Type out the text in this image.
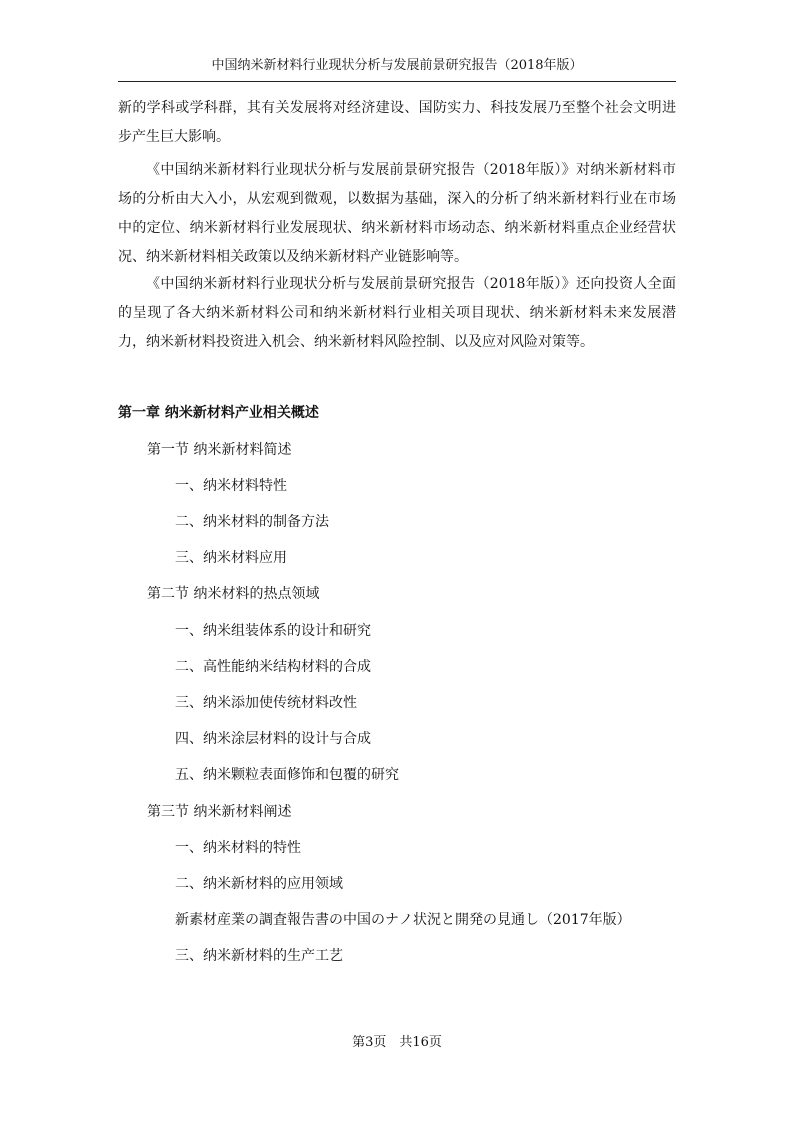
中国纳米新材料行业现状分析与发展前景研究报告（2018年版）

新的学科或学科群，其有关发展将对经济建设、国防实力、科技发展乃至整个社会文明进步产生巨大影响。

《中国纳米新材料行业现状分析与发展前景研究报告（2018年版）》对纳米新材料市场的分析由大入小，从宏观到微观，以数据为基础，深入的分析了纳米新材料行业在市场中的定位、纳米新材料行业发展现状、纳米新材料市场动态、纳米新材料重点企业经营状况、纳米新材料相关政策以及纳米新材料产业链影响等。

《中国纳米新材料行业现状分析与发展前景研究报告（2018年版）》还向投资人全面的呈现了各大纳米新材料公司和纳米新材料行业相关项目现状、纳米新材料未来发展潜力，纳米新材料投资进入机会、纳米新材料风险控制、以及应对风险对策等。

第一章 纳米新材料产业相关概述
第一节 纳米新材料简述
一、纳米材料特性
二、纳米材料的制备方法
三、纳米材料应用
第二节 纳米材料的热点领域
一、纳米组装体系的设计和研究
二、高性能纳米结构材料的合成
三、纳米添加使传统材料改性
四、纳米涂层材料的设计与合成
五、纳米颗粒表面修饰和包覆的研究
第三节 纳米新材料阐述
一、纳米材料的特性
二、纳米新材料的应用领域
新素材産業の調査報告書の中国のナノ状況と開発の見通し（2017年版）
三、纳米新材料的生产工艺
第3页　共16页
